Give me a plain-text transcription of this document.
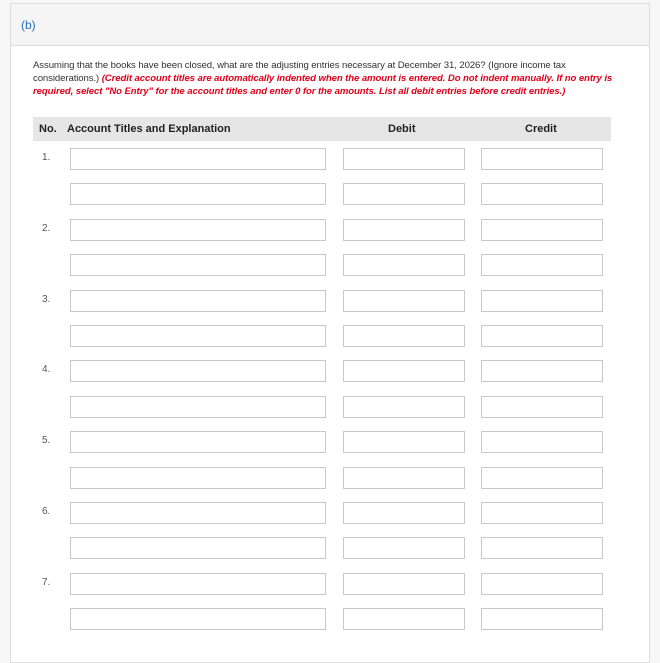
(b)
Assuming that the books have been closed, what are the adjusting entries necessary at December 31, 2026? (Ignore income tax considerations.) (Credit account titles are automatically indented when the amount is entered. Do not indent manually. If no entry is required, select "No Entry" for the account titles and enter 0 for the amounts. List all debit entries before credit entries.)
No. Account Titles and Explanation	Debit	Credit
1.
2.
3.
4.
5.
6.
7.
